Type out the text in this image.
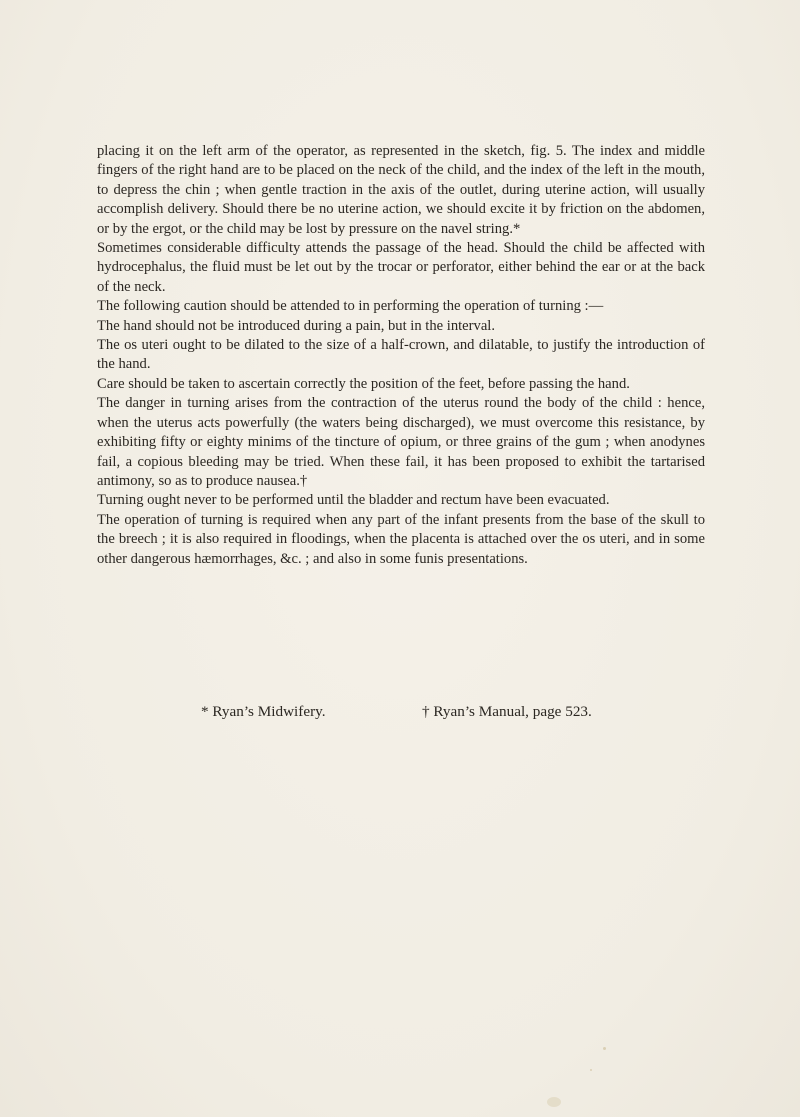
placing it on the left arm of the operator, as represented in the sketch, fig. 5. The index and middle fingers of the right hand are to be placed on the neck of the child, and the index of the left in the mouth, to depress the chin ; when gentle traction in the axis of the outlet, during uterine action, will usually accomplish delivery. Should there be no uterine action, we should excite it by friction on the abdomen, or by the ergot, or the child may be lost by pressure on the navel string.*

Sometimes considerable difficulty attends the passage of the head. Should the child be affected with hydrocephalus, the fluid must be let out by the trocar or perforator, either behind the ear or at the back of the neck.

The following caution should be attended to in performing the operation of turning :—

The hand should not be introduced during a pain, but in the interval.

The os uteri ought to be dilated to the size of a half-crown, and dilatable, to justify the introduction of the hand.

Care should be taken to ascertain correctly the position of the feet, before passing the hand.

The danger in turning arises from the contraction of the uterus round the body of the child : hence, when the uterus acts powerfully (the waters being discharged), we must overcome this resistance, by exhibiting fifty or eighty minims of the tincture of opium, or three grains of the gum ; when anodynes fail, a copious bleeding may be tried. When these fail, it has been proposed to exhibit the tartarised antimony, so as to produce nausea.†

Turning ought never to be performed until the bladder and rectum have been evacuated.

The operation of turning is required when any part of the infant presents from the base of the skull to the breech ; it is also required in floodings, when the placenta is attached over the os uteri, and in some other dangerous hæmorrhages, &c. ; and also in some funis presentations.

* Ryan’s Midwifery.	† Ryan’s Manual, page 523.
